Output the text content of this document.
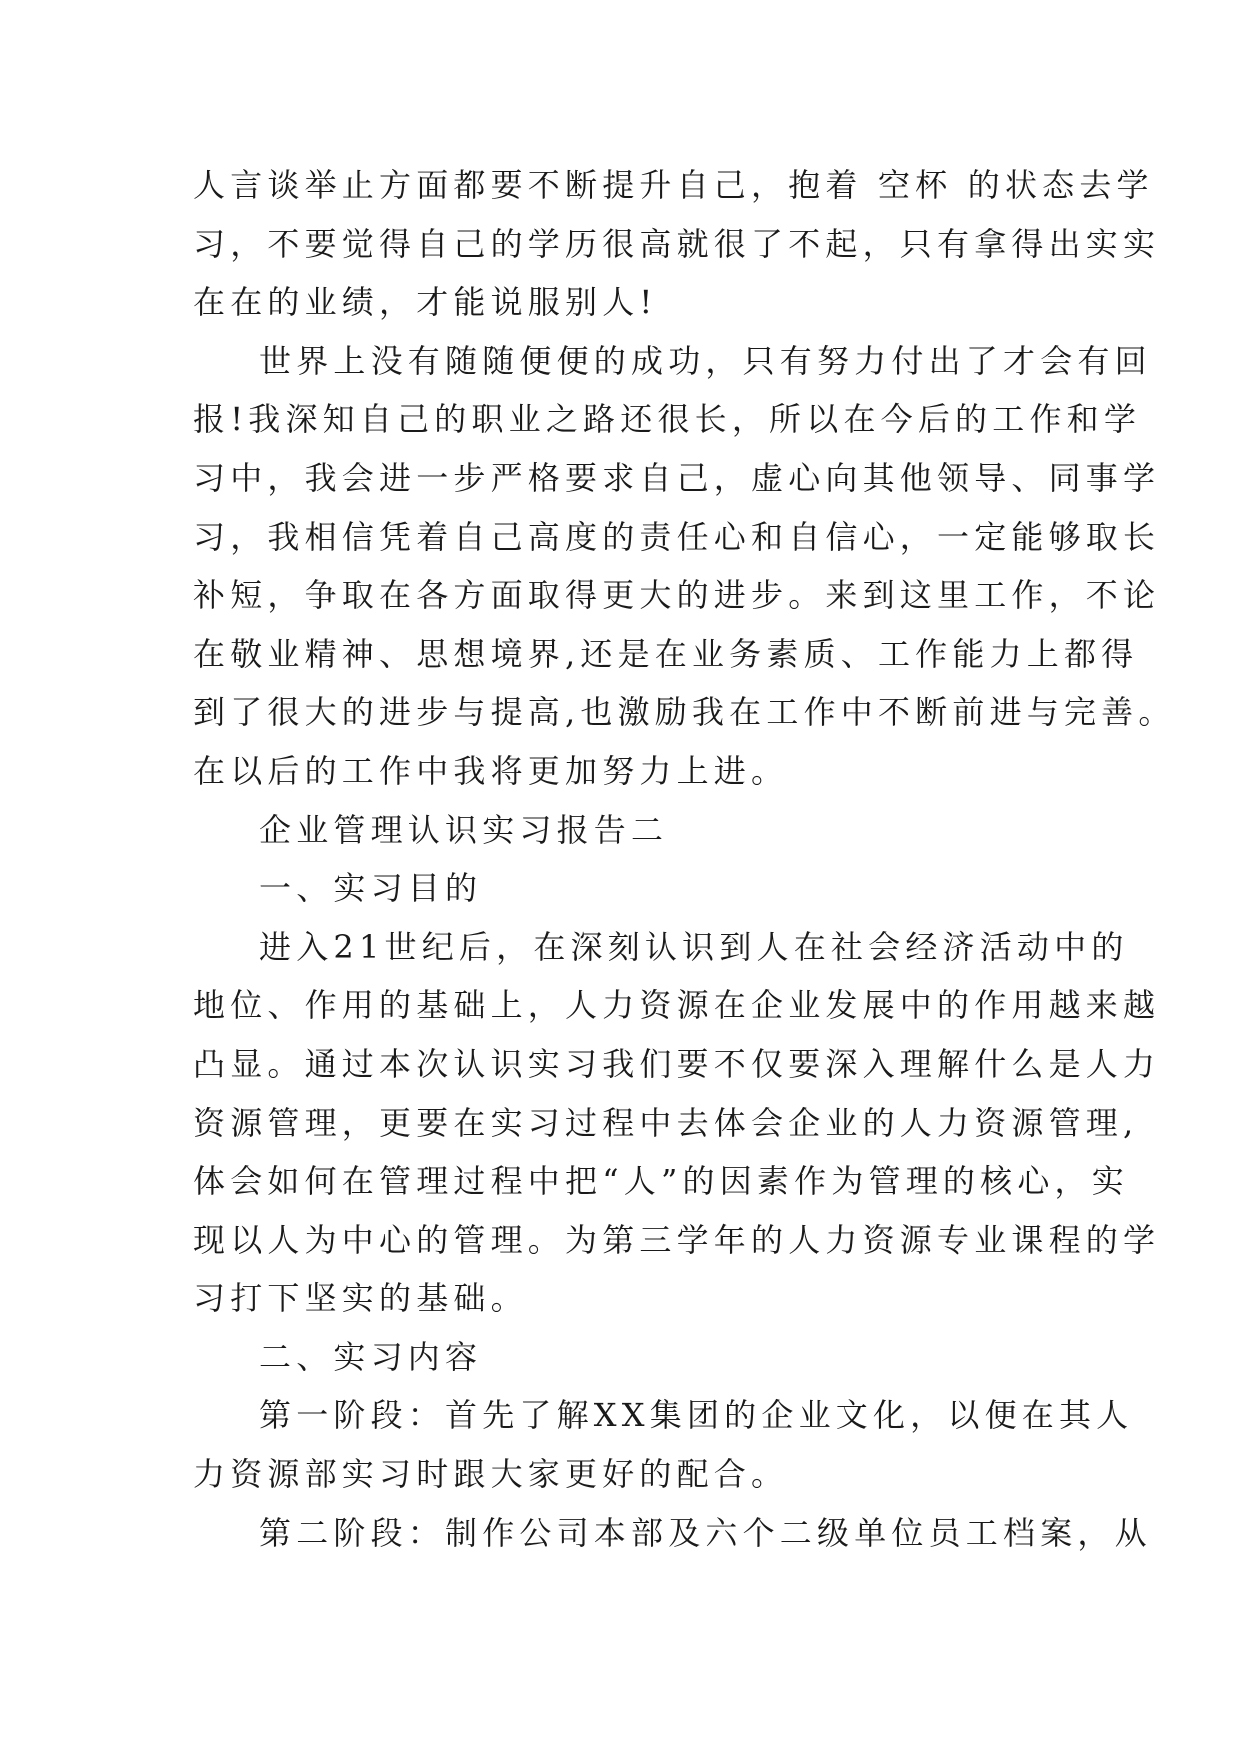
人言谈举止方面都要不断提升自己，抱着 空杯 的状态去学
习，不要觉得自己的学历很高就很了不起，只有拿得出实实
在在的业绩，才能说服别人!
世界上没有随随便便的成功，只有努力付出了才会有回
报!我深知自己的职业之路还很长，所以在今后的工作和学
习中，我会进一步严格要求自己，虚心向其他领导、同事学
习，我相信凭着自己高度的责任心和自信心，一定能够取长
补短，争取在各方面取得更大的进步。来到这里工作，不论
在敬业精神、思想境界,还是在业务素质、工作能力上都得
到了很大的进步与提高,也激励我在工作中不断前进与完善。
在以后的工作中我将更加努力上进。
企业管理认识实习报告二
一、实习目的
进入21世纪后，在深刻认识到人在社会经济活动中的
地位、作用的基础上，人力资源在企业发展中的作用越来越
凸显。通过本次认识实习我们要不仅要深入理解什么是人力
资源管理，更要在实习过程中去体会企业的人力资源管理,
体会如何在管理过程中把“人”的因素作为管理的核心，实
现以人为中心的管理。为第三学年的人力资源专业课程的学
习打下坚实的基础。
二、实习内容
第一阶段：首先了解XX集团的企业文化，以便在其人
力资源部实习时跟大家更好的配合。
第二阶段：制作公司本部及六个二级单位员工档案，从
